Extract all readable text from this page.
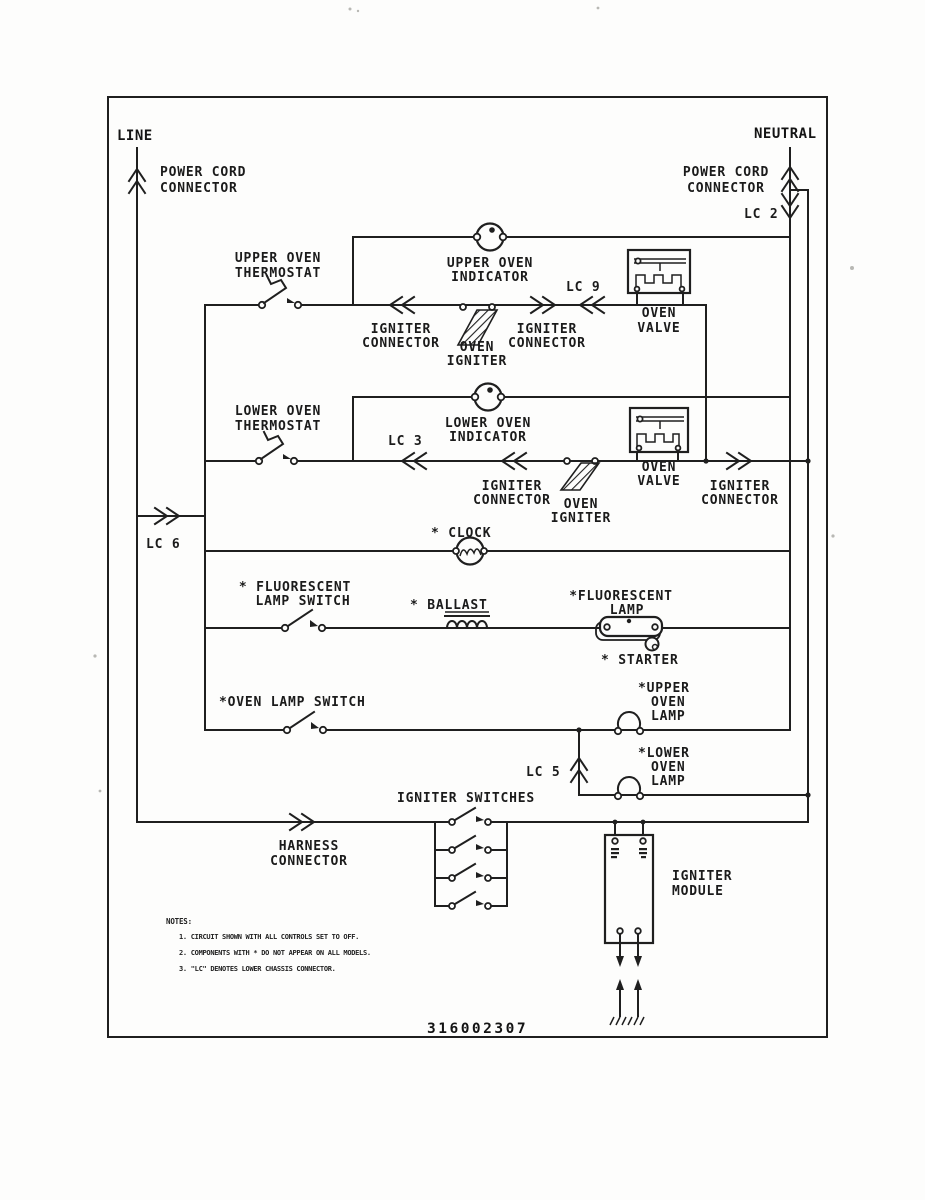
LINE	NEUTRAL
POWER CORD
CONNECTOR
POWER CORD
CONNECTOR
LC 2
UPPER OVEN
THERMOSTAT
UPPER OVEN
INDICATOR
LC 9
IGNITER
CONNECTOR OVEN
IGNITER
IGNITER
CONNECTOR
OVEN
VALVE
LOWER OVEN
THERMOSTAT	LOWER OVEN
INDICATOR
LC 3
IGNITER
CONNECTOR OVEN
IGNITER
OVEN
VALVE IGNITER
CONNECTOR
LC 6
* CLOCK
* FLUORESCENT
LAMP SWITCH	* BALLAST
*FLUORESCENT
LAMP
* STARTER
*OVEN LAMP SWITCH
*UPPER
OVEN
LAMP
LC 5
*LOWER
OVEN
LAMP
IGNITER SWITCHES
HARNESS
CONNECTOR
IGNITER
MODULE
NOTES:
1. CIRCUIT SHOWN WITH ALL CONTROLS SET TO OFF.
2. COMPONENTS WITH * DO NOT APPEAR ON ALL MODELS.
3. "LC" DENOTES LOWER CHASSIS CONNECTOR.
316002307
